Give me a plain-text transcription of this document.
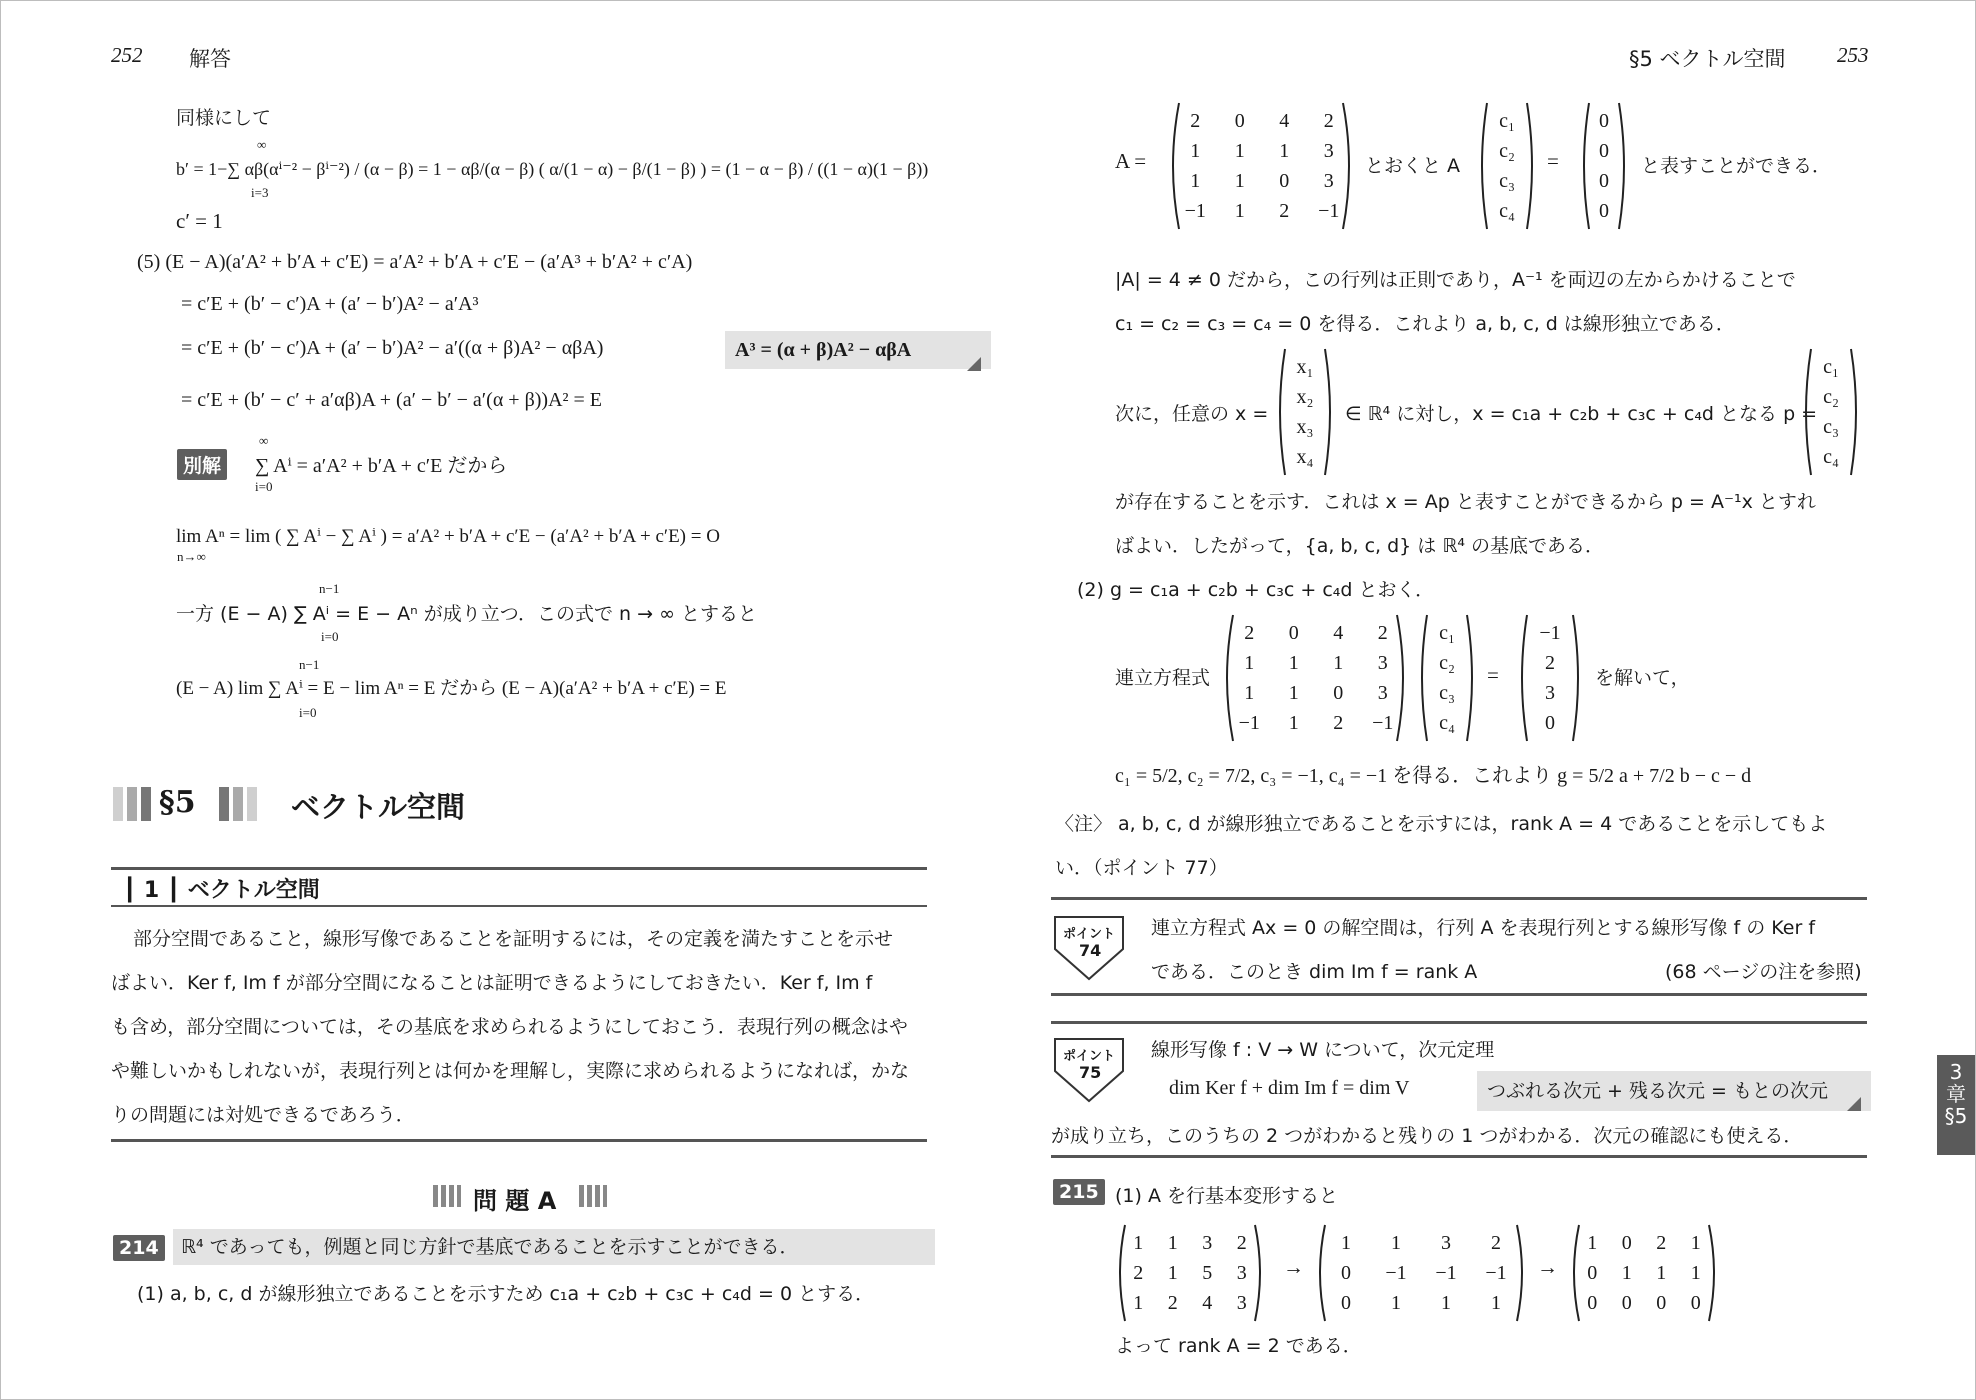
252 解答
同様にして
b′ = 1−∑ αβ(αⁱ⁻² − βⁱ⁻²) / (α − β) = 1 − αβ/(α − β) ( α/(1 − α) − β/(1 − β) ) = (1 − α − β) / ((1 − α)(1 − β))
∞
i=3
c′ = 1
(5) (E − A)(a′A² + b′A + c′E) = a′A² + b′A + c′E − (a′A³ + b′A² + c′A)
= c′E + (b′ − c′)A + (a′ − b′)A² − a′A³
= c′E + (b′ − c′)A + (a′ − b′)A² − a′((α + β)A² − αβA)	A³ = (α + β)A² − αβA
= c′E + (b′ − c′ + a′αβ)A + (a′ − b′ − a′(α + β))A² = E
別解	∑ Aⁱ = a′A² + b′A + c′E だから
∞
i=0
lim Aⁿ = lim ( ∑ Aⁱ − ∑ Aⁱ ) = a′A² + b′A + c′E − (a′A² + b′A + c′E) = O
n→∞
一方 (E − A) ∑ Aⁱ = E − Aⁿ が成り立つ．この式で n → ∞ とすると
n−1
i=0
(E − A) lim ∑ Aⁱ = E − lim Aⁿ = E だから (E − A)(a′A² + b′A + c′E) = E
n−1
i=0
§5	ベクトル空間
┃ 1 ┃ ベクトル空間
部分空間であること，線形写像であることを証明するには，その定義を満たすことを示せ
ばよい．Ker f, Im f が部分空間になることは証明できるようにしておきたい．Ker f, Im f
も含め，部分空間については，その基底を求められるようにしておこう．表現行列の概念はや
や難しいかもしれないが，表現行列とは何かを理解し，実際に求められるようになれば，かな
りの問題には対処できるであろう．
問 題 A
214	ℝ⁴ であっても，例題と同じ方針で基底であることを示すことができる．
(1) a, b, c, d が線形独立であることを示すため c₁a + c₂b + c₃c + c₄d = 0 とする．
§5 ベクトル空間 253
A =
2	0	4	2
1	1	1	3
1	1	0	3
−1	1	2	−1
とおくと A
c₁
c₂
c₃
c₄
=
0
0
0
0
と表すことができる．
|A| = 4 ≠ 0 だから，この行列は正則であり，A⁻¹ を両辺の左からかけることで
c₁ = c₂ = c₃ = c₄ = 0 を得る．これより a, b, c, d は線形独立である．
次に，任意の x =
x₁
x₂
x₃
x₄
∈ ℝ⁴ に対し，x = c₁a + c₂b + c₃c + c₄d となる p =
c₁
c₂
c₃
c₄
が存在することを示す．これは x = Ap と表すことができるから p = A⁻¹x とすれ
ばよい．したがって，{a, b, c, d} は ℝ⁴ の基底である．
(2) g = c₁a + c₂b + c₃c + c₄d とおく．
連立方程式
2	0	4	2
1	1	1	3
1	1	0	3
−1	1	2	−1
c₁
c₂
c₃
c₄
=
−1
2
3
0
を解いて，
c₁ = 5/2, c₂ = 7/2, c₃ = −1, c₄ = −1 を得る．これより g = 5/2 a + 7/2 b − c − d
〈注〉 a, b, c, d が線形独立であることを示すには，rank A = 4 であることを示してもよ
い．（ポイント 77）
ポイント
74
連立方程式 Ax = 0 の解空間は，行列 A を表現行列とする線形写像 f の Ker f
である．このとき dim Im f = rank A	(68 ページの注を参照)
ポイント
75
線形写像 f : V → W について，次元定理
dim Ker f + dim Im f = dim V	つぶれる次元 + 残る次元 = もとの次元
が成り立ち，このうちの 2 つがわかると残りの 1 つがわかる．次元の確認にも使える．
215 (1) A を行基本変形すると
1	1	3	2
2	1	5	3
1	2	4	3
→
1	1	3	2
0	−1	−1	−1
0	1	1	1
→
1	0	2	1
0	1	1	1
0	0	0	0
よって rank A = 2 である．
3
章
§5
